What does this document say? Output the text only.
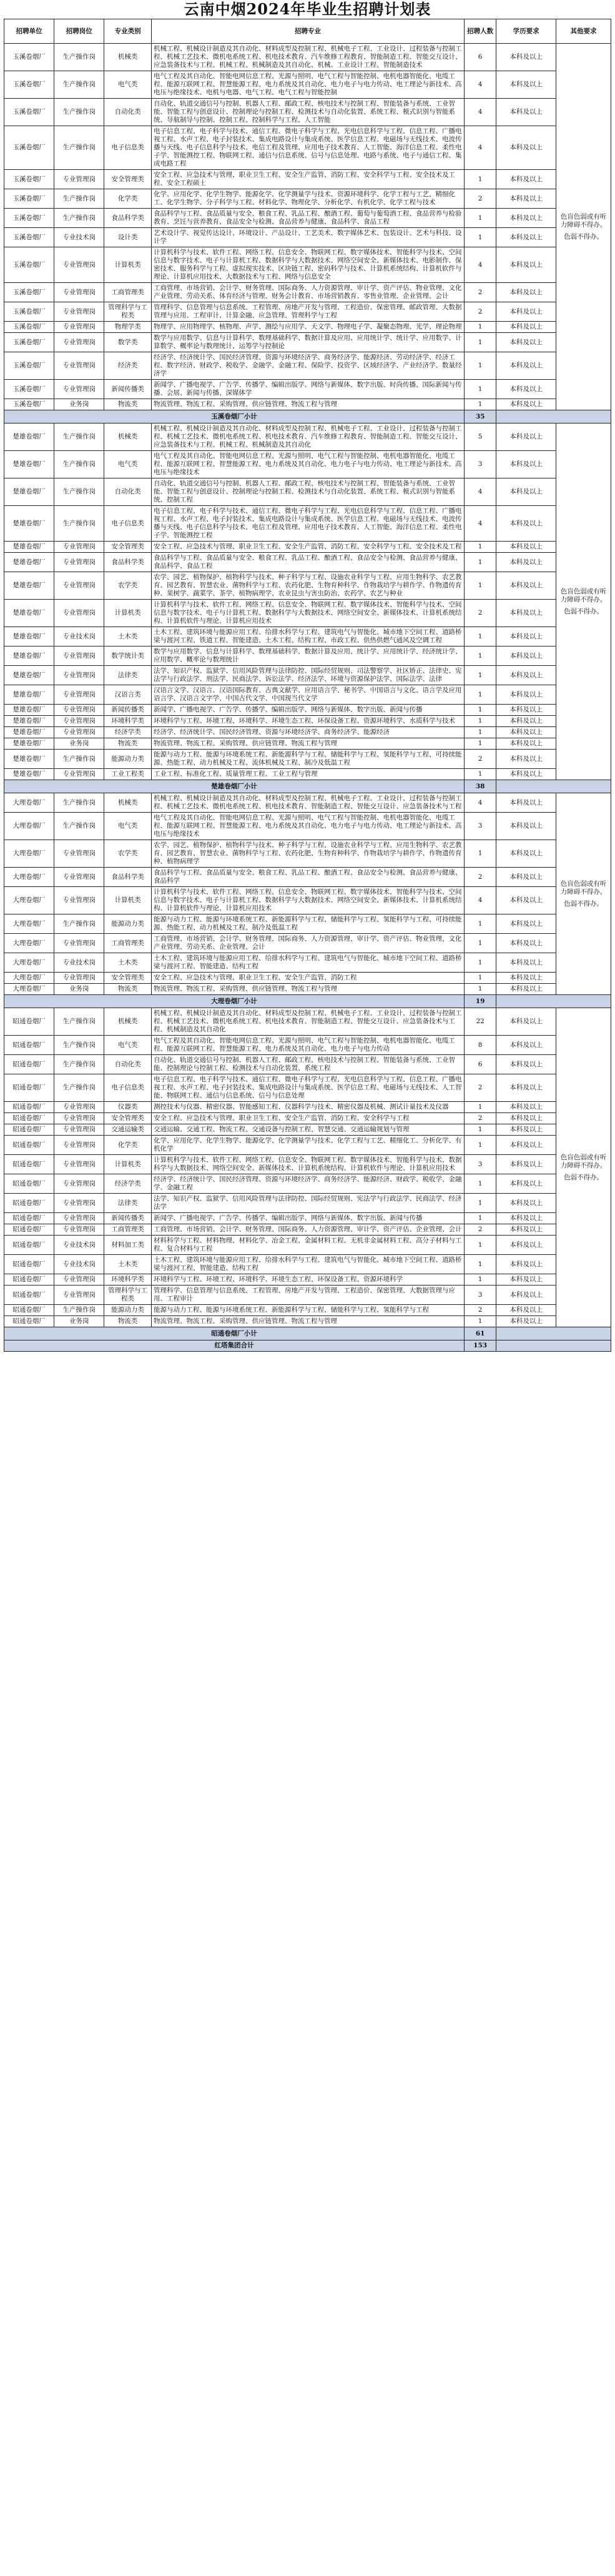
云南中烟2024年毕业生招聘计划表
招聘单位	招聘岗位	专业类别	招聘专业	招聘人数	学历要求	其他要求
玉溪卷烟厂	生产操作岗	机械类	机械工程、机械设计制造及其自动化、材料成型及控制工程、机械电子工程、工业设计、过程装备与控制工程、机械工艺技术、微机电系统工程、机电技术教育、汽车维修工程教育、智能制造工程、智能交互设计、应急装备技术与工程、机械工程、机械制造及其自动化、机械、工业设计工程、智能制造技术	6	本科及以上	色盲色弱或有听力障碍不得办。
色弱不得办。

玉溪卷烟厂	生产操作岗	电气类	电气工程及其自动化、智能电网信息工程、光源与照明、电气工程与智能控制、电机电器智能化、电缆工程、能源互联网工程、智慧能源工程、电力系统及其自动化、电力电子与电力传动、电工理论与新技术、高电压与绝缘技术、电机与电器、电气工程、电气工程与智能控制	4	本科及以上	
玉溪卷烟厂	生产操作岗	自动化类	自动化、轨道交通信号与控制、机器人工程、邮政工程、核电技术与控制工程、智能装备与系统、工业智能、智能工程与创意设计、控制理论与控制工程、检测技术与自动化装置、系统工程、模式识别与智能系统、导航制导与控制、控制工程、控制科学与工程、人工智能	4	本科及以上	
玉溪卷烟厂	生产操作岗	电子信息类	电子信息工程、电子科学与技术、通信工程、微电子科学与工程、光电信息科学与工程、信息工程、广播电视工程、水声工程、电子封装技术、集成电路设计与集成系统、医学信息工程、电磁场与无线技术、电波传播与天线、电子信息科学与技术、电信工程及管理、应用电子技术教育、人工智能、海洋信息工程、柔性电子学、智能测控工程、物联网工程、通信与信息系统、信号与信息处理、电路与系统、电子与通信工程、集成电路工程	4	本科及以上	
玉溪卷烟厂	专业管理岗	安全管理类	安全工程、应急技术与管理、职业卫生工程、安全生产监管、消防工程、安全科学与工程、安全技术及工程、安全工程硕士	1	本科及以上	
玉溪卷烟厂	生产操作岗	化学类	化学、应用化学、化学生物学、能源化学、化学测量学与技术、资源环境科学、化学工程与工艺、精细化工、化学生物学、分子科学与工程、材料化学、物理化学、分析化学、有机化学、化学工程与技术	2	本科及以上	
玉溪卷烟厂	生产操作岗	食品科学类	食品科学与工程、食品质量与安全、粮食工程、乳品工程、酿酒工程、葡萄与葡萄酒工程、食品营养与检验教育、烹饪与营养教育、食品安全与检测、食品营养与健康、食品科学、食品工程	1	本科及以上	
玉溪卷烟厂	专业技术岗	设计类	艺术设计学、视觉传达设计、环境设计、产品设计、工艺美术、数字媒体艺术、包装设计、艺术与科技、设计学	1	本科及以上	
玉溪卷烟厂	专业管理岗	计算机类	计算机科学与技术、软件工程、网络工程、信息安全、物联网工程、数字媒体技术、智能科学与技术、空间信息与数字技术、电子与计算机工程、数据科学与大数据技术、网络空间安全、新媒体技术、电影制作、保密技术、服务科学与工程、虚拟现实技术、区块链工程、密码科学与技术、计算机系统结构、计算机软件与理论、计算机应用技术、大数据技术与工程、网络与信息安全	4	本科及以上	
玉溪卷烟厂	专业管理岗	工商管理类	工商管理、市场营销、会计学、财务管理、国际商务、人力资源管理、审计学、资产评估、物业管理、文化产业管理、劳动关系、体育经济与管理、财务会计教育、市场营销教育、零售业管理、企业管理、会计	2	本科及以上	
玉溪卷烟厂	专业管理岗	管理科学与工程类	管理科学、信息管理与信息系统、工程管理、房地产开发与管理、工程造价、保密管理、邮政管理、大数据管理与应用、工程审计、计算金融、应急管理、管理科学与工程	2	本科及以上	
玉溪卷烟厂	专业管理岗	物理学类	物理学、应用物理学、核物理、声学、测绘与应用学、天文学、物理电子学、凝聚态物理、光学、理论物理	1	本科及以上	
玉溪卷烟厂	专业管理岗	数学类	数学与应用数学、信息与计算科学、数理基础科学、数据计算及应用、应用统计学、统计学、应用数学、计算数学、概率论与数理统计、运筹学与控制论	1	本科及以上	
玉溪卷烟厂	专业管理岗	经济类	经济学、经济统计学、国民经济管理、资源与环境经济学、商务经济学、能源经济、劳动经济学、经济工程、数字经济、财政学、税收学、金融学、金融工程、保险学、投资学、区域经济学、产业经济学、数量经济学	1	本科及以上	
玉溪卷烟厂	专业管理岗	新闻传播类	新闻学、广播电视学、广告学、传播学、编辑出版学、网络与新媒体、数字出版、时尚传播、国际新闻与传播、会展、新闻与传播、深媒体学	1	本科及以上	
玉溪卷烟厂	业务岗	物流类	物流管理、物流工程、采购管理、供应链管理、物流工程与管理	1	本科及以上	
玉溪卷烟厂小计				35		
楚雄卷烟厂	生产操作岗	机械类	机械工程、机械设计制造及其自动化、材料成型及控制工程、机械电子工程、工业设计、过程装备与控制工程、机械工艺技术、微机电系统工程、机电技术教育、汽车维修工程教育、智能制造工程、智能交互设计、应急装备技术与工程、机械工程、机械制造及其自动化	5	本科及以上	色盲色弱或有听力障碍不得办。
色弱不得办。

楚雄卷烟厂	生产操作岗	电气类	电气工程及其自动化、智能电网信息工程、光源与照明、电气工程与智能控制、电机电器智能化、电缆工程、能源互联网工程、智慧能源工程、电力系统及其自动化、电力电子与电力传动、电工理论与新技术、高电压与绝缘技术	3	本科及以上	
楚雄卷烟厂	生产操作岗	自动化类	自动化、轨道交通信号与控制、机器人工程、邮政工程、核电技术与控制工程、智能装备与系统、工业智能、智能工程与创意设计、控制理论与控制工程、检测技术与自动化装置、系统工程、模式识别与智能系统、控制工程	4	本科及以上	
楚雄卷烟厂	生产操作岗	电子信息类	电子信息工程、电子科学与技术、通信工程、微电子科学与工程、光电信息科学与工程、信息工程、广播电视工程、水声工程、电子封装技术、集成电路设计与集成系统、医学信息工程、电磁场与无线技术、电波传播与天线、电子信息科学与技术、电信工程及管理、应用电子技术教育、人工智能、海洋信息工程、柔性电子学、智能测控工程	4	本科及以上	
楚雄卷烟厂	专业管理岗	安全管理类	安全工程、应急技术与管理、职业卫生工程、安全生产监管、消防工程、安全科学与工程、安全技术及工程	1	本科及以上	
楚雄卷烟厂	专业管理岗	食品科学类	食品科学与工程、食品质量与安全、粮食工程、乳品工程、酿酒工程、食品安全与检测、食品营养与健康、食品科学、食品工程	1	本科及以上	
楚雄卷烟厂	专业管理岗	农学类	农学、园艺、植物保护、植物科学与技术、种子科学与工程、设施农业科学与工程、应用生物科学、农艺教育、园艺教育、智慧农业、菌物科学与工程、农药化肥、生物育种科学、作物栽培学与耕作学、作物遗传育种、果树学、蔬菜学、茶学、植物病理学、农业昆虫与害虫防治、农药学、农艺与种业	1	本科及以上	
楚雄卷烟厂	专业管理岗	计算机类	计算机科学与技术、软件工程、网络工程、信息安全、物联网工程、数字媒体技术、智能科学与技术、空间信息与数字技术、电子与计算机工程、数据科学与大数据技术、网络空间安全、新媒体技术、计算机系统结构、计算机软件与理论、计算机应用技术	2	本科及以上	
楚雄卷烟厂	专业技术岗	土木类	土木工程、建筑环境与能源应用工程、给排水科学与工程、建筑电气与智能化、城市地下空间工程、道路桥梁与渡河工程、铁道工程、智能建造、土木工程、结构工程、市政工程、供热供燃气通风及空调工程	1	本科及以上	
楚雄卷烟厂	专业管理岗	数学统计类	数学与应用数学、信息与计算科学、数理基础科学、数据计算及应用、统计学、应用统计学、经济统计学、应用数学、概率论与数理统计	1	本科及以上	
楚雄卷烟厂	专业管理岗	法律类	法学、知识产权、监狱学、信用风险管理与法律防控、国际经贸规则、司法警察学、社区矫正、法律史、宪法学与行政法学、刑法学、民商法学、诉讼法学、经济法学、环境与资源保护法学、国际法学、法律	1	本科及以上	
楚雄卷烟厂	专业管理岗	汉语言类	汉语言文学、汉语言、汉语国际教育、古典文献学、应用语言学、秘书学、中国语言与文化、语言学及应用语言学、汉语言文字学、中国古代文学、中国现当代文学	1	本科及以上	
楚雄卷烟厂	专业管理岗	新闻传播类	新闻学、广播电视学、广告学、传播学、编辑出版学、网络与新媒体、数字出版、新闻与传播	1	本科及以上	
楚雄卷烟厂	专业管理岗	环境科学类	环境科学与工程、环境工程、环境科学、环境生态工程、环保设备工程、资源环境科学、水质科学与技术	1	本科及以上	
楚雄卷烟厂	专业管理岗	经济学类	经济学、经济统计学、国民经济管理、资源与环境经济学、商务经济学、能源经济	1	本科及以上	
楚雄卷烟厂	业务岗	物流类	物流管理、物流工程、采购管理、供应链管理、物流工程与管理	1	本科及以上	
楚雄卷烟厂	生产操作岗	能源动力类	能源与动力工程、能源与环境系统工程、新能源科学与工程、储能科学与工程、氢能科学与工程、可持续能源、热能工程、动力机械及工程、流体机械及工程、制冷及低温工程	2	本科及以上	
楚雄卷烟厂	专业管理岗	工业工程类	工业工程、标准化工程、质量管理工程、工业工程与管理	1	本科及以上	
楚雄卷烟厂小计				38		
大理卷烟厂	生产操作岗	机械类	机械工程、机械设计制造及其自动化、材料成型及控制工程、机械电子工程、工业设计、过程装备与控制工程、机械工艺技术、微机电系统工程、机电技术教育、智能制造工程、智能交互设计、应急装备技术与工程	4	本科及以上	色盲色弱或有听力障碍不得办。
色弱不得办。

大理卷烟厂	生产操作岗	电气类	电气工程及其自动化、智能电网信息工程、光源与照明、电气工程与智能控制、电机电器智能化、电缆工程、能源互联网工程、智慧能源工程、电力系统及其自动化、电力电子与电力传动、电工理论与新技术、高电压与绝缘技术	3	本科及以上	
大理卷烟厂	专业管理岗	农学类	农学、园艺、植物保护、植物科学与技术、种子科学与工程、设施农业科学与工程、应用生物科学、农艺教育、园艺教育、智慧农业、菌物科学与工程、农药化肥、生物育种科学、作物栽培学与耕作学、作物遗传育种、植物病理学	1	本科及以上	
大理卷烟厂	专业管理岗	食品科学类	食品科学与工程、食品质量与安全、粮食工程、乳品工程、酿酒工程、食品安全与检测、食品营养与健康、食品科学	2	本科及以上	
大理卷烟厂	专业管理岗	计算机类	计算机科学与技术、软件工程、网络工程、信息安全、物联网工程、数字媒体技术、智能科学与技术、空间信息与数字技术、电子与计算机工程、数据科学与大数据技术、网络空间安全、新媒体技术、计算机系统结构、计算机软件与理论、计算机应用技术	4	本科及以上	
大理卷烟厂	生产操作岗	能源动力类	能源与动力工程、能源与环境系统工程、新能源科学与工程、储能科学与工程、氢能科学与工程、可持续能源、热能工程、动力机械及工程、制冷及低温工程	1	本科及以上	
大理卷烟厂	专业管理岗	工商管理类	工商管理、市场营销、会计学、财务管理、国际商务、人力资源管理、审计学、资产评估、物业管理、文化产业管理、劳动关系、企业管理、会计	1	本科及以上	
大理卷烟厂	专业技术岗	土木类	土木工程、建筑环境与能源应用工程、给排水科学与工程、建筑电气与智能化、城市地下空间工程、道路桥梁与渡河工程、智能建造、结构工程	1	本科及以上	
大理卷烟厂	专业管理岗	安全管理类	安全工程、应急技术与管理、职业卫生工程、安全生产监管、消防工程	1	本科及以上	
大理卷烟厂	业务岗	物流类	物流管理、物流工程、采购管理、供应链管理、物流工程与管理	1	本科及以上	
大理卷烟厂小计				19		
昭通卷烟厂	生产操作岗	机械类	机械工程、机械设计制造及其自动化、材料成型及控制工程、机械电子工程、工业设计、过程装备与控制工程、机械工艺技术、微机电系统工程、机电技术教育、智能制造工程、智能交互设计、应急装备技术与工程、机械制造及其自动化	22	本科及以上	色盲色弱或有听力障碍不得办。
色弱不得办。

昭通卷烟厂	生产操作岗	电气类	电气工程及其自动化、智能电网信息工程、光源与照明、电气工程与智能控制、电机电器智能化、电缆工程、能源互联网工程、智慧能源工程、电力系统及其自动化、电力电子与电力传动	8	本科及以上	
昭通卷烟厂	生产操作岗	自动化类	自动化、轨道交通信号与控制、机器人工程、邮政工程、核电技术与控制工程、智能装备与系统、工业智能、控制理论与控制工程、检测技术与自动化装置、系统工程	6	本科及以上	
昭通卷烟厂	生产操作岗	电子信息类	电子信息工程、电子科学与技术、通信工程、微电子科学与工程、光电信息科学与工程、信息工程、广播电视工程、水声工程、电子封装技术、集成电路设计与集成系统、医学信息工程、电磁场与无线技术、人工智能、物联网工程、通信与信息系统、信号与信息处理	2	本科及以上	
昭通卷烟厂	专业管理岗	仪器类	测控技术与仪器、精密仪器、智能感知工程、仪器科学与技术、精密仪器及机械、测试计量技术及仪器	1	本科及以上	
昭通卷烟厂	专业管理岗	安全管理类	安全工程、应急技术与管理、职业卫生工程、安全生产监管、消防工程、安全科学与工程	2	本科及以上	
昭通卷烟厂	专业管理岗	交通运输类	交通运输、交通工程、物流工程、交通设备与控制工程、智慧交通、交通运输规划与管理	1	本科及以上	
昭通卷烟厂	专业管理岗	化学类	化学、应用化学、化学生物学、能源化学、化学测量学与技术、化学工程与工艺、精细化工、分析化学、有机化学	1	本科及以上	
昭通卷烟厂	专业管理岗	计算机类	计算机科学与技术、软件工程、网络工程、信息安全、物联网工程、数字媒体技术、智能科学与技术、数据科学与大数据技术、网络空间安全、新媒体技术、计算机系统结构、计算机软件与理论、计算机应用技术	3	本科及以上	
昭通卷烟厂	专业管理岗	经济学类	经济学、经济统计学、国民经济管理、资源与环境经济学、商务经济学、能源经济、财政学、税收学、金融学、金融工程	1	本科及以上	
昭通卷烟厂	专业管理岗	法律类	法学、知识产权、监狱学、信用风险管理与法律防控、国际经贸规则、宪法学与行政法学、民商法学、经济法学	1	本科及以上	
昭通卷烟厂	专业管理岗	新闻传播类	新闻学、广播电视学、广告学、传播学、编辑出版学、网络与新媒体、数字出版、新闻与传播	1	本科及以上	
昭通卷烟厂	专业管理岗	工商管理类	工商管理、市场营销、会计学、财务管理、国际商务、人力资源管理、审计学、资产评估、企业管理、会计	2	本科及以上	
昭通卷烟厂	专业技术岗	材料加工类	材料科学与工程、材料物理、材料化学、冶金工程、金属材料工程、无机非金属材料工程、高分子材料与工程、复合材料与工程	1	本科及以上	
昭通卷烟厂	专业技术岗	土木类	土木工程、建筑环境与能源应用工程、给排水科学与工程、建筑电气与智能化、城市地下空间工程、道路桥梁与渡河工程、智能建造、结构工程	1	本科及以上	
昭通卷烟厂	专业管理岗	环境科学类	环境科学与工程、环境工程、环境科学、环境生态工程、环保设备工程、资源环境科学	1	本科及以上	
昭通卷烟厂	专业管理岗	管理科学与工程类	管理科学、信息管理与信息系统、工程管理、房地产开发与管理、工程造价、保密管理、大数据管理与应用、工程审计	3	本科及以上	
昭通卷烟厂	生产操作岗	能源动力类	能源与动力工程、能源与环境系统工程、新能源科学与工程、储能科学与工程、氢能科学与工程	2	本科及以上	
昭通卷烟厂	业务岗	物流类	物流管理、物流工程、采购管理、供应链管理、物流工程与管理	1	本科及以上	
昭通卷烟厂小计				61		
红塔集团合计				153		
